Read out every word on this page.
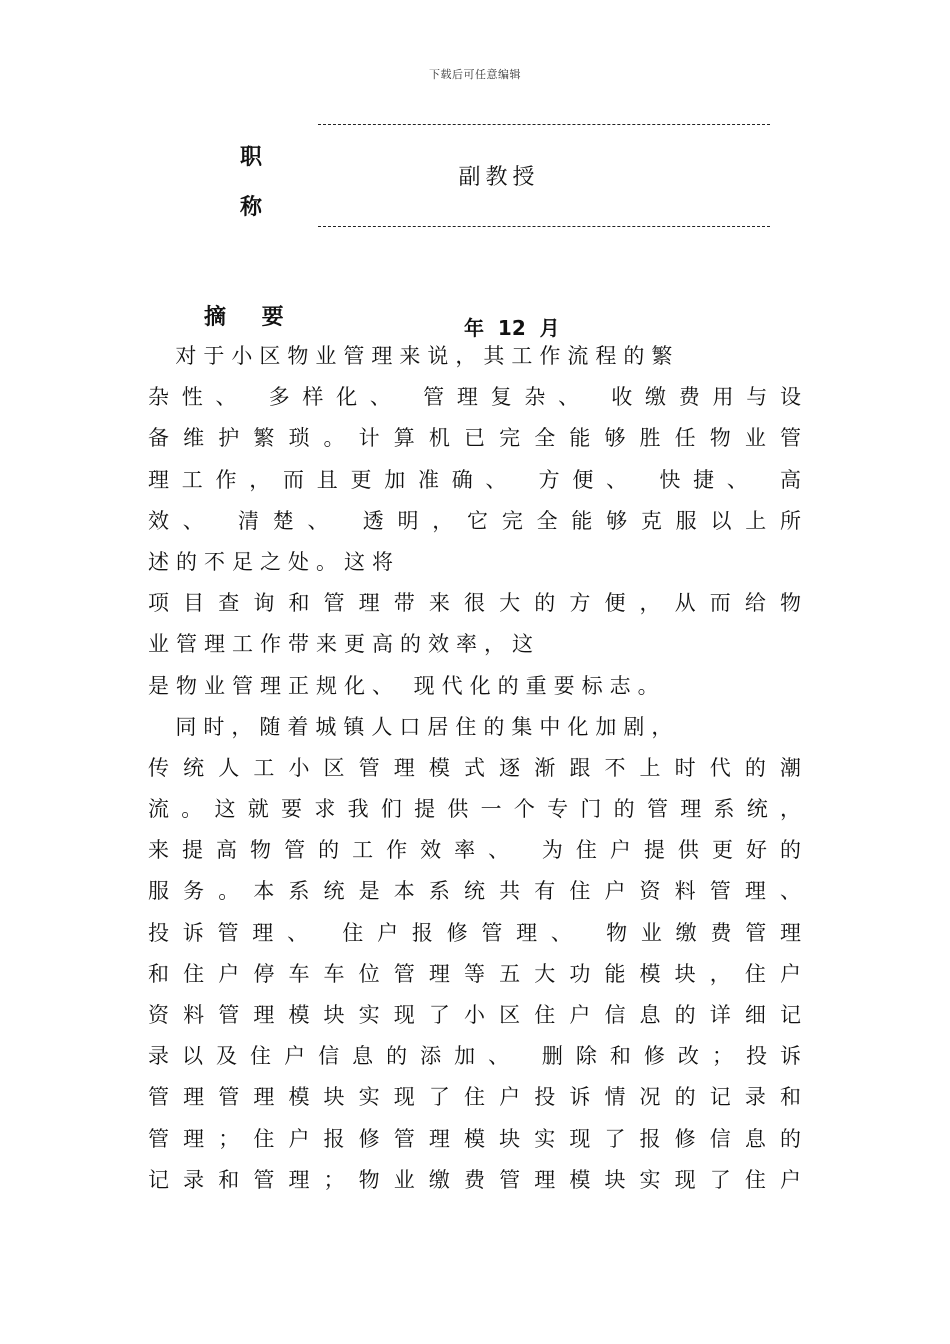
下载后可任意编辑
职
称
副教授
摘 要	年  12  月
对于小区物业管理来说，其工作流程的繁
杂性、 多样化、 管理复杂、 收缴费用与设
备维护繁琐。计算机已完全能够胜任物业管
理工作，而且更加准确、 方便、 快捷、 高
效、 清楚、 透明，它完全能够克服以上所
述的不足之处。这将
项目查询和管理带来很大的方便，从而给物
业管理工作带来更高的效率，这
是物业管理正规化、 现代化的重要标志。
同时，随着城镇人口居住的集中化加剧，
传统人工小区管理模式逐渐跟不上时代的潮
流。这就要求我们提供一个专门的管理系统，
来提高物管的工作效率、 为住户提供更好的
服务。本系统是本系统共有住户资料管理、
投诉管理、 住户报修管理、 物业缴费管理
和住户停车车位管理等五大功能模块，住户
资料管理模块实现了小区住户信息的详细记
录以及住户信息的添加、 删除和修改；投诉
管理管理模块实现了住户投诉情况的记录和
管理；住户报修管理模块实现了报修信息的
记录和管理；物业缴费管理模块实现了住户
